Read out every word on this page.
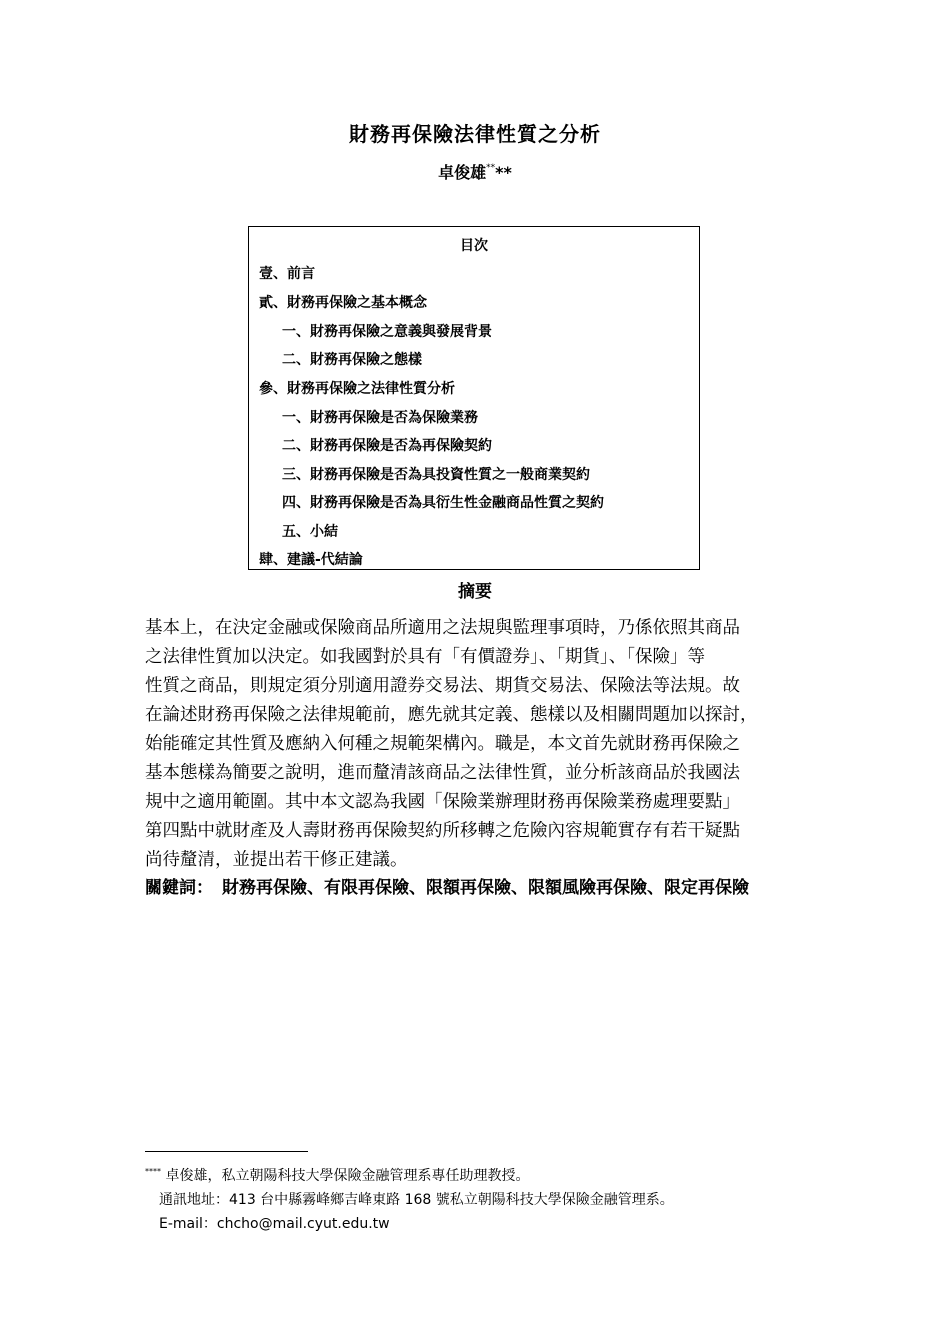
財務再保險法律性質之分析
卓俊雄****
目次
壹、前言
貳、財務再保險之基本概念
一、財務再保險之意義與發展背景
二、財務再保險之態樣
參、財務再保險之法律性質分析
一、財務再保險是否為保險業務
二、財務再保險是否為再保險契約
三、財務再保險是否為具投資性質之一般商業契約
四、財務再保險是否為具衍生性金融商品性質之契約
五、小結
肆、建議-代結論
摘要
基本上，在決定金融或保險商品所適用之法規與監理事項時，乃係依照其商品
之法律性質加以決定。如我國對於具有「有價證券」、「期貨」、「保險」等
性質之商品，則規定須分別適用證券交易法、期貨交易法、保險法等法規。故
在論述財務再保險之法律規範前，應先就其定義、態樣以及相關問題加以探討，
始能確定其性質及應納入何種之規範架構內。職是，本文首先就財務再保險之
基本態樣為簡要之說明，進而釐清該商品之法律性質，並分析該商品於我國法
規中之適用範圍。其中本文認為我國「保險業辦理財務再保險業務處理要點」
第四點中就財產及人壽財務再保險契約所移轉之危險內容規範實存有若干疑點
尚待釐清，並提出若干修正建議。
關鍵詞： 財務再保險、有限再保險、限額再保險、限額風險再保險、限定再保險
**** 卓俊雄，私立朝陽科技大學保險金融管理系專任助理教授。
通訊地址：413 台中縣霧峰鄉吉峰東路 168 號私立朝陽科技大學保險金融管理系。
E-mail：chcho@mail.cyut.edu.tw
